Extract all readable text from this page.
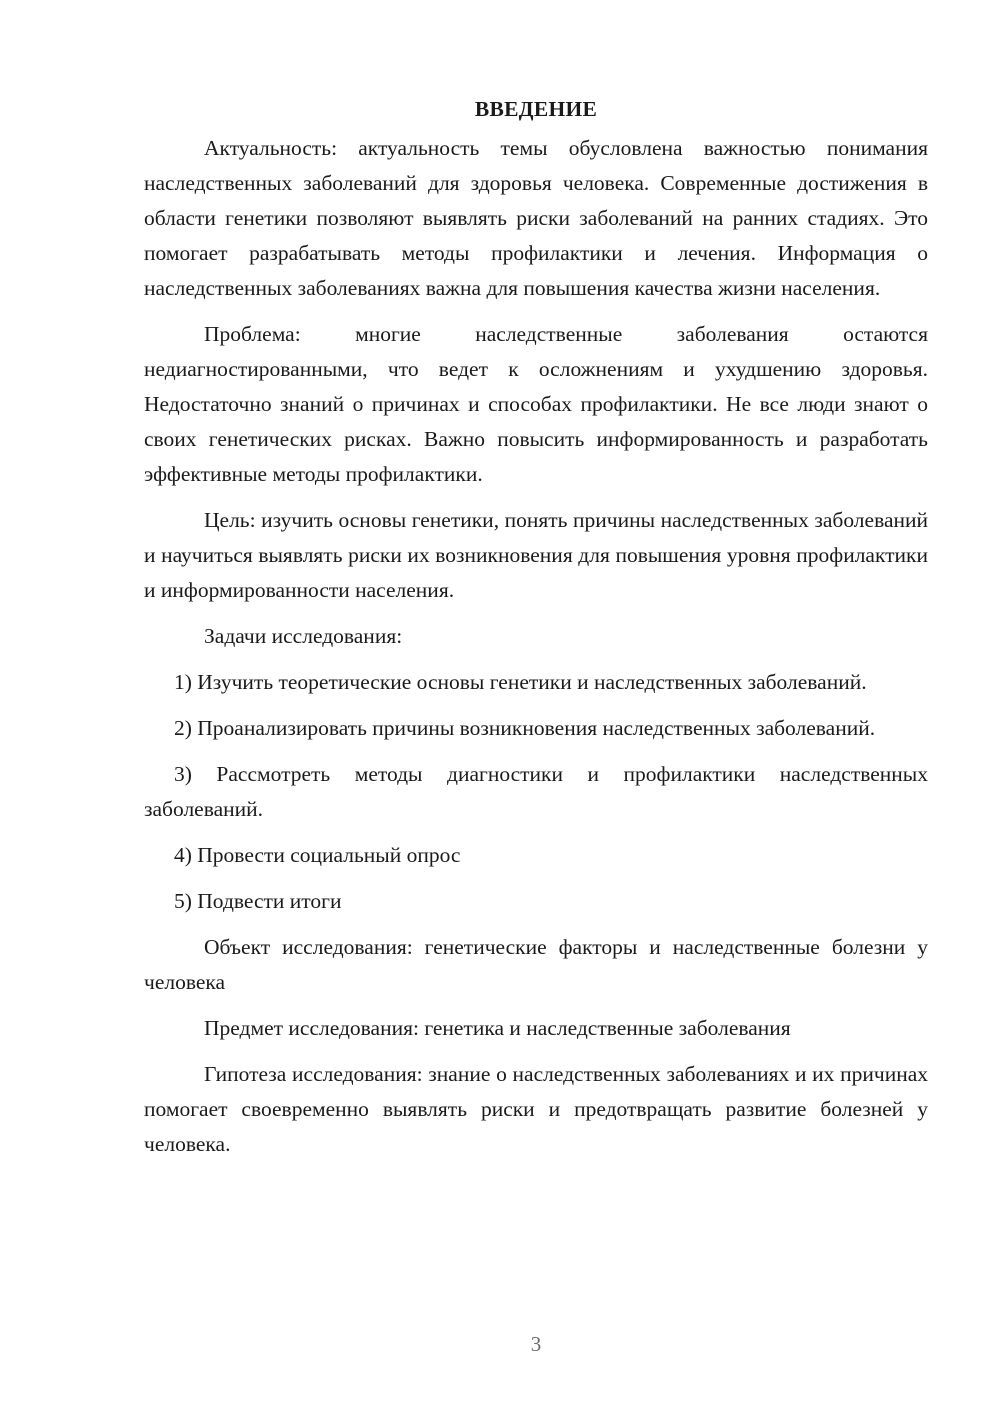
ВВЕДЕНИЕ

Актуальность: актуальность темы обусловлена важностью понимания наследственных заболеваний для здоровья человека. Современные достижения в области генетики позволяют выявлять риски заболеваний на ранних стадиях. Это помогает разрабатывать методы профилактики и лечения. Информация о наследственных заболеваниях важна для повышения качества жизни населения.

Проблема: многие наследственные заболевания остаются недиагностированными, что ведет к осложнениям и ухудшению здоровья. Недостаточно знаний о причинах и способах профилактики. Не все люди знают о своих генетических рисках. Важно повысить информированность и разработать эффективные методы профилактики.

Цель: изучить основы генетики, понять причины наследственных заболеваний и научиться выявлять риски их возникновения для повышения уровня профилактики и информированности населения.

Задачи исследования:

1) Изучить теоретические основы генетики и наследственных заболеваний.

2) Проанализировать причины возникновения наследственных заболеваний.

3) Рассмотреть методы диагностики и профилактики наследственных заболеваний.

4) Провести социальный опрос

5) Подвести итоги

Объект исследования: генетические факторы и наследственные болезни у человека

Предмет исследования: генетика и наследственные заболевания

Гипотеза исследования: знание о наследственных заболеваниях и их причинах помогает своевременно выявлять риски и предотвращать развитие болезней у человека.

3
